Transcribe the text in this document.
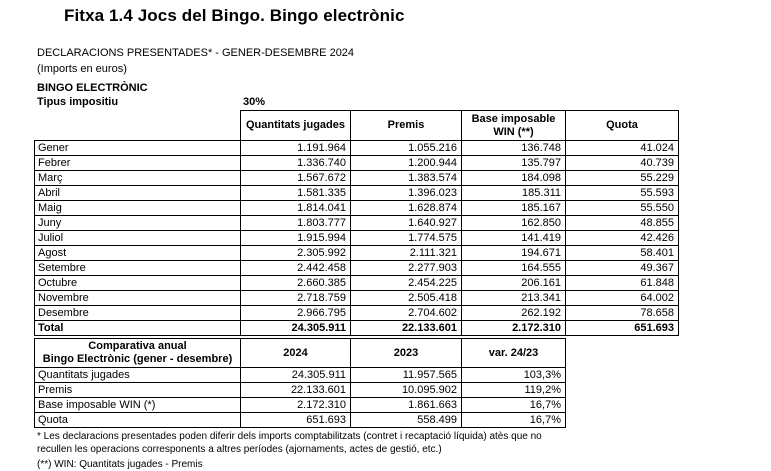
Fitxa 1.4 Jocs del Bingo. Bingo electrònic
DECLARACIONS PRESENTADES* - GENER-DESEMBRE 2024
(Imports en euros)
BINGO ELECTRÒNIC
Tipus impositiu	30%
	Quantitats jugades	Premis	Base imposable WIN (**)	Quota
Gener	1.191.964	1.055.216	136.748	41.024
Febrer	1.336.740	1.200.944	135.797	40.739
Març	1.567.672	1.383.574	184.098	55.229
Abril	1.581.335	1.396.023	185.311	55.593
Maig	1.814.041	1.628.874	185.167	55.550
Juny	1.803.777	1.640.927	162.850	48.855
Juliol	1.915.994	1.774.575	141.419	42.426
Agost	2.305.992	2.111.321	194.671	58.401
Setembre	2.442.458	2.277.903	164.555	49.367
Octubre	2.660.385	2.454.225	206.161	61.848
Novembre	2.718.759	2.505.418	213.341	64.002
Desembre	2.966.795	2.704.602	262.192	78.658
Total	24.305.911	22.133.601	2.172.310	651.693
Comparativa anual
Bingo Electrònic (gener - desembre)	2024	2023	var. 24/23
Quantitats jugades	24.305.911	11.957.565	103,3%
Premis	22.133.601	10.095.902	119,2%
Base imposable WIN (*)	2.172.310	1.861.663	16,7%
Quota	651.693	558.499	16,7%
* Les declaracions presentades poden diferir dels imports comptabilitzats (contret i recaptació líquida) atès que no
recullen les operacions corresponents a altres períodes (ajornaments, actes de gestió, etc.)
(**) WIN: Quantitats jugades - Premis
